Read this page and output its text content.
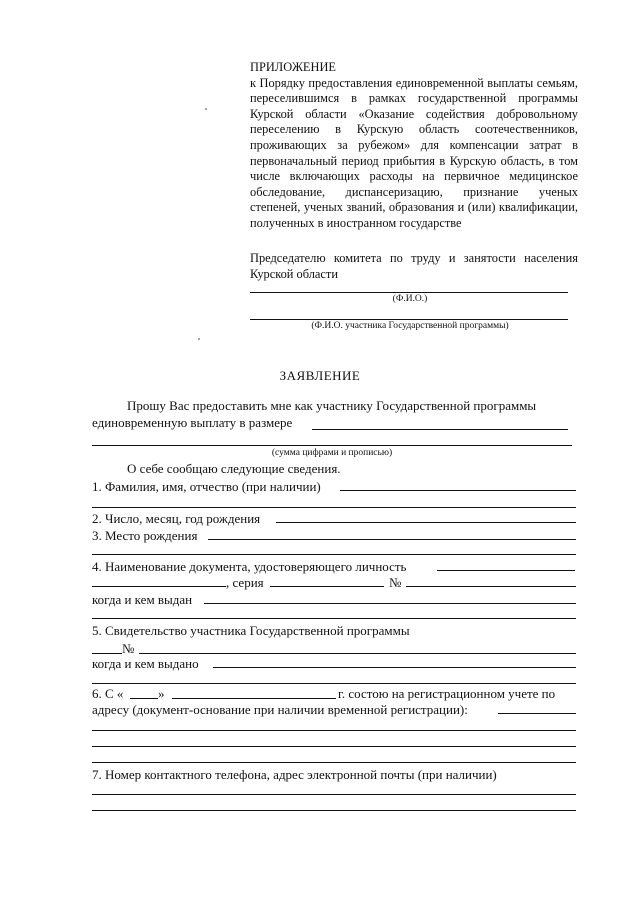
ПРИЛОЖЕНИЕ
к Порядку предоставления единовременной выплаты семьям, переселившимся в рамках государственной программы Курской области «Оказание содействия добровольному переселению в Курскую область соотечественников, проживающих за рубежом» для компенсации затрат в первоначальный период прибытия в Курскую область, в том числе включающих расходы на первичное медицинское обследование, диспансеризацию, признание ученых степеней, ученых званий, образования и (или) квалификации, полученных в иностранном государстве
Председателю комитета по труду и занятости населения Курской области
(Ф.И.О.)
(Ф.И.О. участника Государственной программы)
ЗАЯВЛЕНИЕ
Прошу Вас предоставить мне как участнику Государственной программы
единовременную выплату в размере
(сумма цифрами и прописью)
О себе сообщаю следующие сведения.
1. Фамилия, имя, отчество (при наличии)
2. Число, месяц, год рождения
3. Место рождения
4. Наименование документа, удостоверяющего личность
, серия	№
когда и кем выдан
5. Свидетельство участника Государственной программы
№
когда и кем выдано
6. С «	»	г. состою на регистрационном учете по
адресу (документ-основание при наличии временной регистрации):
7. Номер контактного телефона, адрес электронной почты (при наличии)
